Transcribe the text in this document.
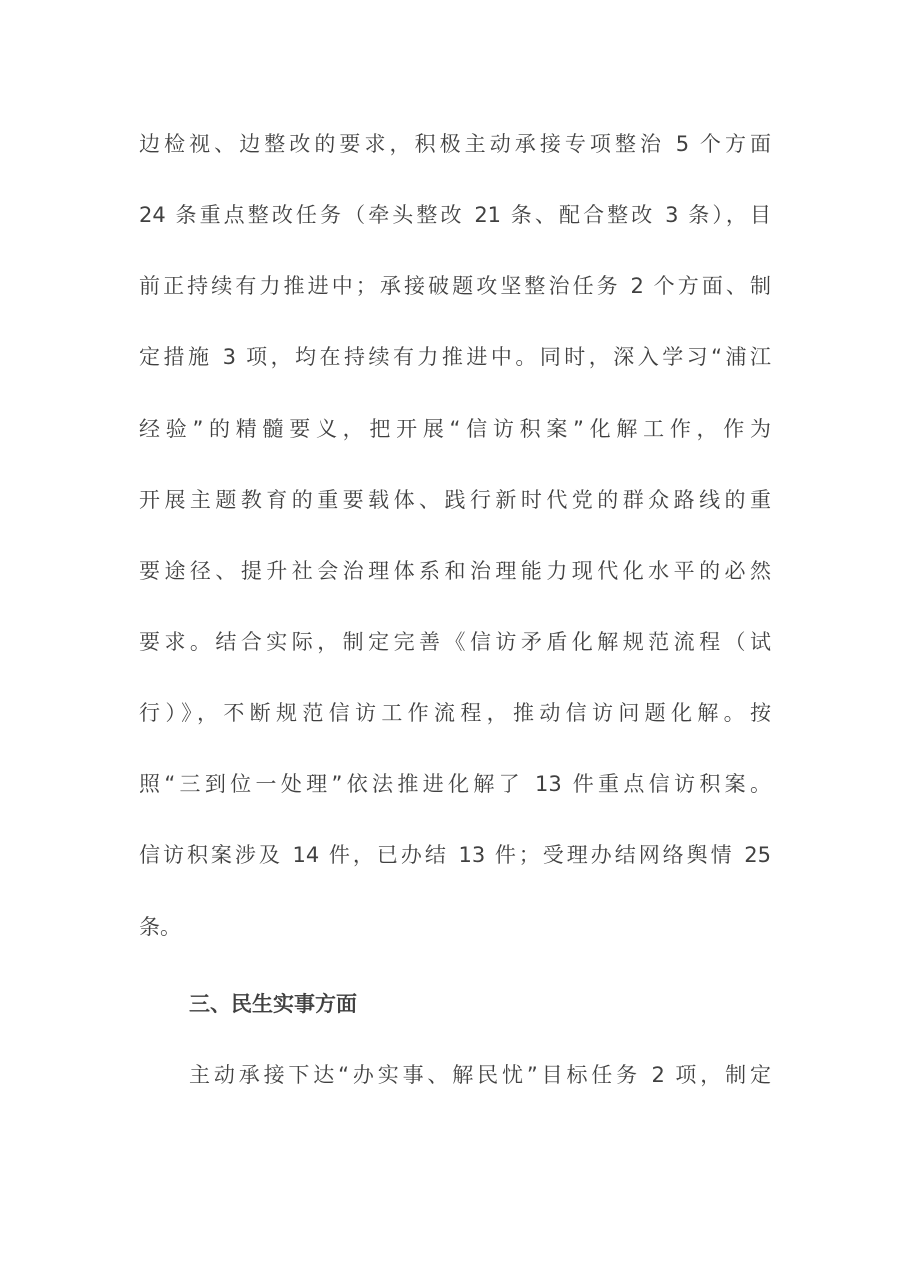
边检视、边整改的要求，积极主动承接专项整治 5 个方面
24 条重点整改任务（牵头整改 21 条、配合整改 3 条），目
前正持续有力推进中；承接破题攻坚整治任务 2 个方面、制
定措施 3 项，均在持续有力推进中。同时，深入学习“浦江
经验”的精髓要义，把开展“信访积案”化解工作，作为
开展主题教育的重要载体、践行新时代党的群众路线的重
要途径、提升社会治理体系和治理能力现代化水平的必然
要求。结合实际，制定完善《信访矛盾化解规范流程（试
行）》，不断规范信访工作流程，推动信访问题化解。按
照“三到位一处理”依法推进化解了 13 件重点信访积案。
信访积案涉及 14 件，已办结 13 件；受理办结网络舆情 25
条。
三、民生实事方面
主动承接下达“办实事、解民忧”目标任务 2 项，制定
